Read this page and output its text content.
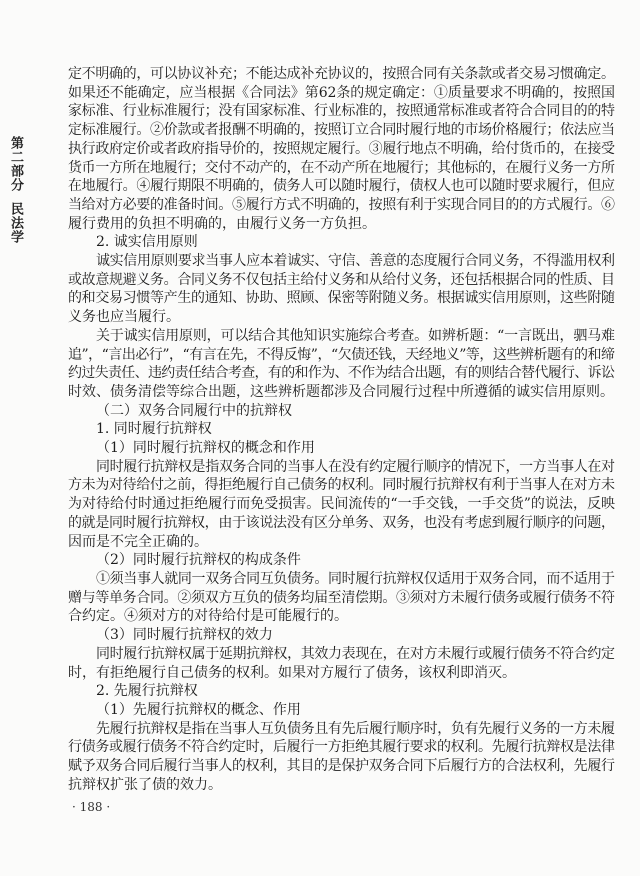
第二部分
民法学
定不明确的，可以协议补充；不能达成补充协议的，按照合同有关条款或者交易习惯确定。
如果还不能确定，应当根据《合同法》第62条的规定确定：①质量要求不明确的，按照国
家标准、行业标准履行；没有国家标准、行业标准的，按照通常标准或者符合合同目的的特
定标准履行。②价款或者报酬不明确的，按照订立合同时履行地的市场价格履行；依法应当
执行政府定价或者政府指导价的，按照规定履行。③履行地点不明确，给付货币的，在接受
货币一方所在地履行；交付不动产的，在不动产所在地履行；其他标的，在履行义务一方所
在地履行。④履行期限不明确的，债务人可以随时履行，债权人也可以随时要求履行，但应
当给对方必要的准备时间。⑤履行方式不明确的，按照有利于实现合同目的的方式履行。⑥
履行费用的负担不明确的，由履行义务一方负担。
2. 诚实信用原则
诚实信用原则要求当事人应本着诚实、守信、善意的态度履行合同义务，不得滥用权利
或故意规避义务。合同义务不仅包括主给付义务和从给付义务，还包括根据合同的性质、目
的和交易习惯等产生的通知、协助、照顾、保密等附随义务。根据诚实信用原则，这些附随
义务也应当履行。
关于诚实信用原则，可以结合其他知识实施综合考查。如辨析题：“一言既出，驷马难
追”，“言出必行”，“有言在先，不得反悔”，“欠债还钱，天经地义”等，这些辨析题有的和缔
约过失责任、违约责任结合考查，有的和作为、不作为结合出题，有的则结合替代履行、诉讼
时效、债务清偿等综合出题，这些辨析题都涉及合同履行过程中所遵循的诚实信用原则。
（二）双务合同履行中的抗辩权
1. 同时履行抗辩权
（1）同时履行抗辩权的概念和作用
同时履行抗辩权是指双务合同的当事人在没有约定履行顺序的情况下，一方当事人在对
方未为对待给付之前，得拒绝履行自己债务的权利。同时履行抗辩权有利于当事人在对方未
为对待给付时通过拒绝履行而免受损害。民间流传的“一手交钱，一手交货”的说法，反映
的就是同时履行抗辩权，由于该说法没有区分单务、双务，也没有考虑到履行顺序的问题，
因而是不完全正确的。
（2）同时履行抗辩权的构成条件
①须当事人就同一双务合同互负债务。同时履行抗辩权仅适用于双务合同，而不适用于
赠与等单务合同。②须双方互负的债务均届至清偿期。③须对方未履行债务或履行债务不符
合约定。④须对方的对待给付是可能履行的。
（3）同时履行抗辩权的效力
同时履行抗辩权属于延期抗辩权，其效力表现在，在对方未履行或履行债务不符合约定
时，有拒绝履行自己债务的权利。如果对方履行了债务，该权利即消灭。
2. 先履行抗辩权
（1）先履行抗辩权的概念、作用
先履行抗辩权是指在当事人互负债务且有先后履行顺序时，负有先履行义务的一方未履
行债务或履行债务不符合约定时，后履行一方拒绝其履行要求的权利。先履行抗辩权是法律
赋予双务合同后履行当事人的权利，其目的是保护双务合同下后履行方的合法权利，先履行
抗辩权扩张了债的效力。
· 188 ·
